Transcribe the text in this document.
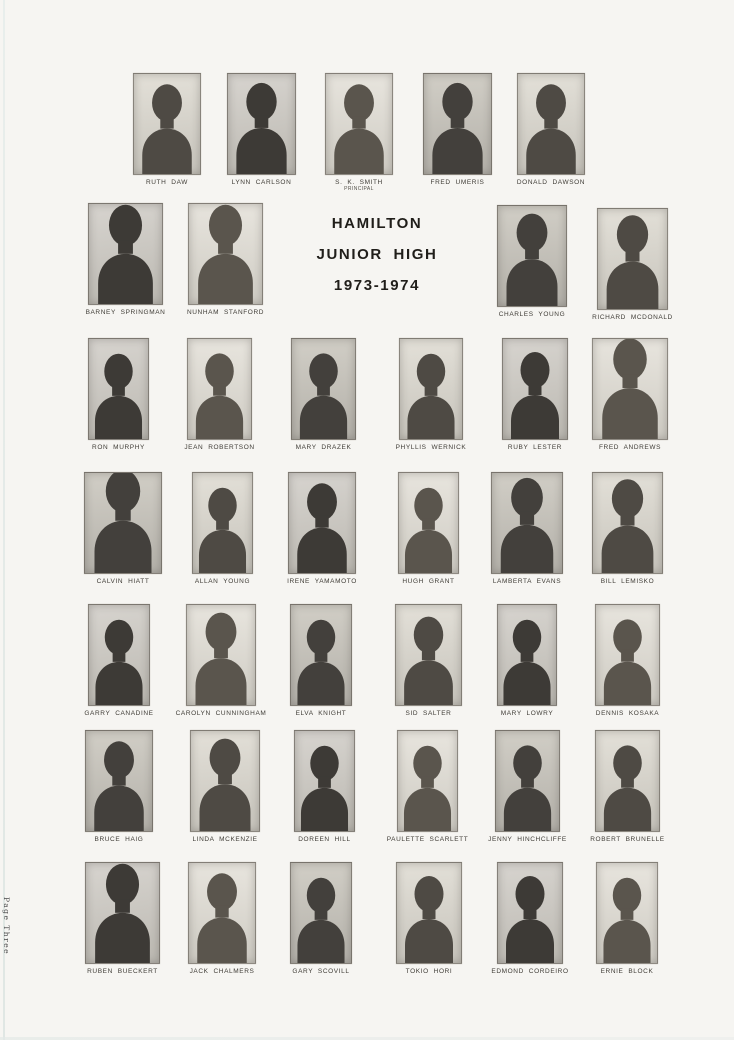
RUTH DAW	LYNN CARLSON	S. K. SMITH
PRINCIPAL
FRED UMERIS	DONALD DAWSON
BARNEY SPRINGMAN	NUNHAM STANFORD
HAMILTON
JUNIOR HIGH
1973-1974
CHARLES YOUNG	RICHARD MCDONALD
RON MURPHY	JEAN ROBERTSON	MARY DRAZEK	PHYLLIS WERNICK	RUBY LESTER	FRED ANDREWS
CALVIN HIATT	ALLAN YOUNG	IRENE YAMAMOTO	HUGH GRANT	LAMBERTA EVANS	BILL LEMISKO
GARRY CANADINE	CAROLYN CUNNINGHAM	ELVA KNIGHT	SID SALTER	MARY LOWRY	DENNIS KOSAKA
BRUCE HAIG	LINDA MCKENZIE	DOREEN HILL	PAULETTE SCARLETT	JENNY HINCHCLIFFE	ROBERT BRUNELLE
RUBEN BUECKERT	JACK CHALMERS	GARY SCOVILL	TOKIO HORI	EDMOND CORDEIRO	ERNIE BLOCK
Page Three
